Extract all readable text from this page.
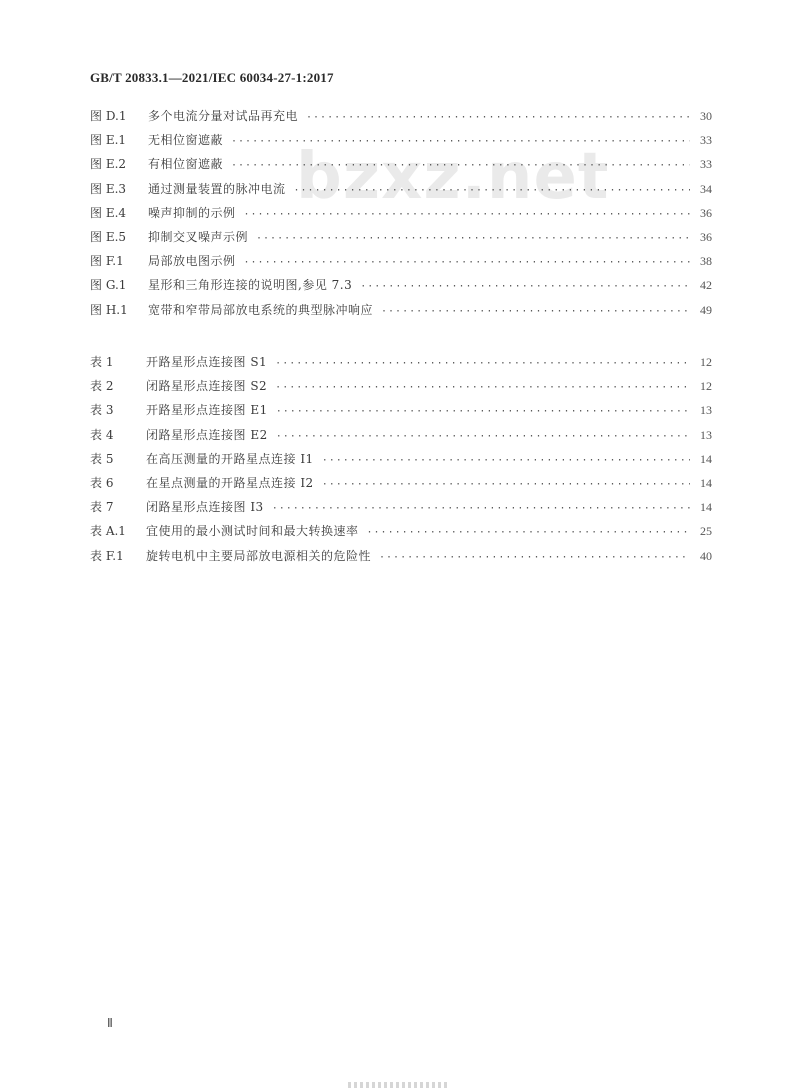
GB/T 20833.1—2021/IEC 60034-27-1:2017
bzxz.net
图 D.1	多个电流分量对试品再充电 ·····	30
图 E.1	无相位窗遮蔽 ·····	33
图 E.2	有相位窗遮蔽 ·····	33
图 E.3	通过测量装置的脉冲电流 ·····	34
图 E.4	噪声抑制的示例 ·····	36
图 E.5	抑制交叉噪声示例 ·····	36
图 F.1	局部放电图示例 ·····	38
图 G.1	星形和三角形连接的说明图,参见 7.3 ·····	42
图 H.1	宽带和窄带局部放电系统的典型脉冲响应 ·····	49
表 1	开路星形点连接图 S1 ·····	12
表 2	闭路星形点连接图 S2 ·····	12
表 3	开路星形点连接图 E1 ·····	13
表 4	闭路星形点连接图 E2 ·····	13
表 5	在高压测量的开路星点连接 I1 ·····	14
表 6	在星点测量的开路星点连接 I2 ·····	14
表 7	闭路星形点连接图 I3 ·····	14
表 A.1	宜使用的最小测试时间和最大转换速率 ·····	25
表 F.1	旋转电机中主要局部放电源相关的危险性 ·····	40
Ⅱ
